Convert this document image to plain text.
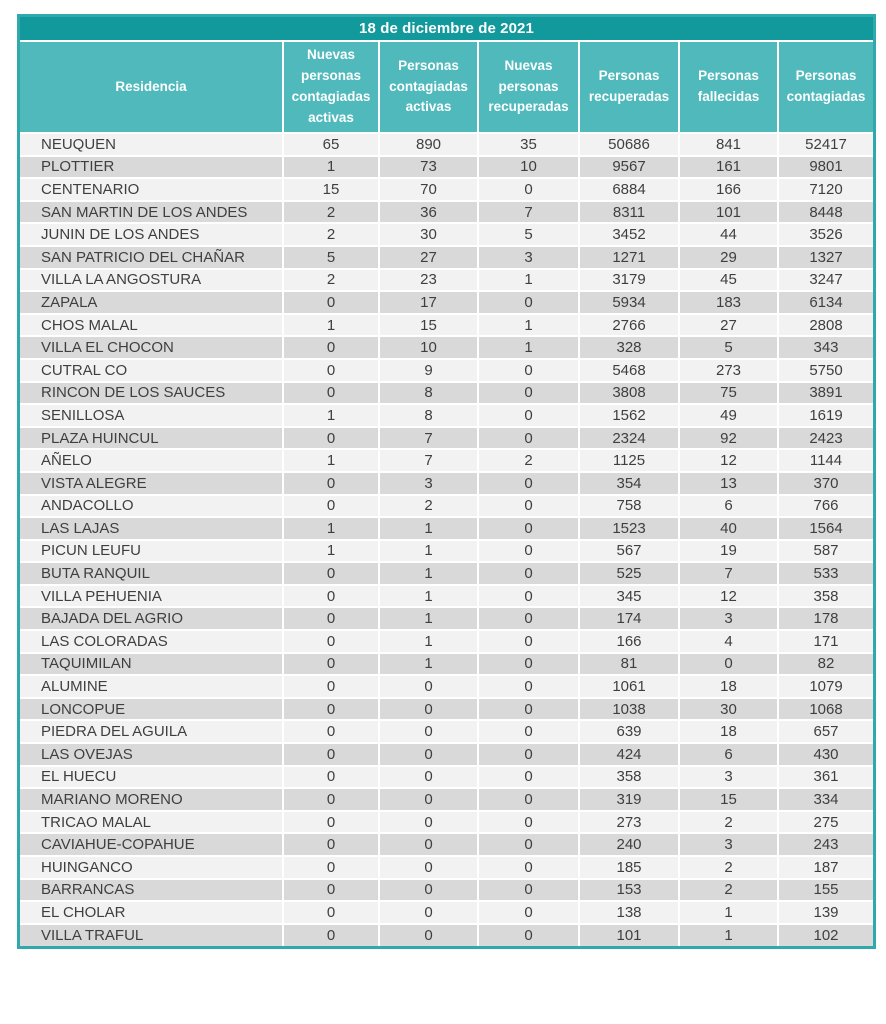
18 de diciembre de 2021
Residencia	Nuevas personas contagiadas activas	Personas contagiadas activas	Nuevas personas recuperadas	Personas recuperadas	Personas fallecidas	Personas contagiadas
NEUQUEN	65	890	35	50686	841	52417
PLOTTIER	1	73	10	9567	161	9801
CENTENARIO	15	70	0	6884	166	7120
SAN MARTIN DE LOS ANDES	2	36	7	8311	101	8448
JUNIN DE LOS ANDES	2	30	5	3452	44	3526
SAN PATRICIO DEL CHAÑAR	5	27	3	1271	29	1327
VILLA LA ANGOSTURA	2	23	1	3179	45	3247
ZAPALA	0	17	0	5934	183	6134
CHOS MALAL	1	15	1	2766	27	2808
VILLA EL CHOCON	0	10	1	328	5	343
CUTRAL CO	0	9	0	5468	273	5750
RINCON DE LOS SAUCES	0	8	0	3808	75	3891
SENILLOSA	1	8	0	1562	49	1619
PLAZA HUINCUL	0	7	0	2324	92	2423
AÑELO	1	7	2	1125	12	1144
VISTA ALEGRE	0	3	0	354	13	370
ANDACOLLO	0	2	0	758	6	766
LAS LAJAS	1	1	0	1523	40	1564
PICUN LEUFU	1	1	0	567	19	587
BUTA RANQUIL	0	1	0	525	7	533
VILLA PEHUENIA	0	1	0	345	12	358
BAJADA DEL AGRIO	0	1	0	174	3	178
LAS COLORADAS	0	1	0	166	4	171
TAQUIMILAN	0	1	0	81	0	82
ALUMINE	0	0	0	1061	18	1079
LONCOPUE	0	0	0	1038	30	1068
PIEDRA DEL AGUILA	0	0	0	639	18	657
LAS OVEJAS	0	0	0	424	6	430
EL HUECU	0	0	0	358	3	361
MARIANO MORENO	0	0	0	319	15	334
TRICAO MALAL	0	0	0	273	2	275
CAVIAHUE-COPAHUE	0	0	0	240	3	243
HUINGANCO	0	0	0	185	2	187
BARRANCAS	0	0	0	153	2	155
EL CHOLAR	0	0	0	138	1	139
VILLA TRAFUL	0	0	0	101	1	102
